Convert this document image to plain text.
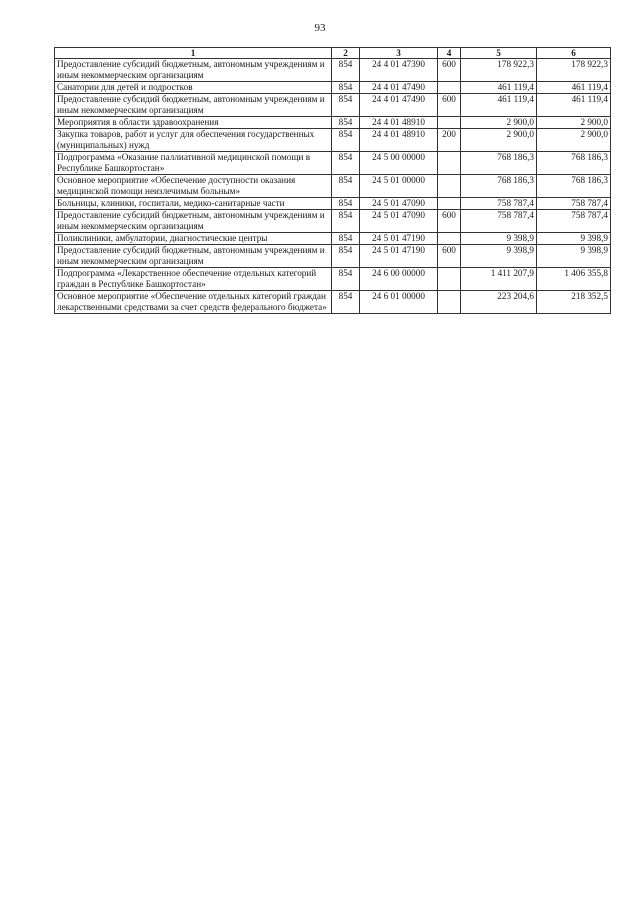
93
1	2	3	4	5	6
Предоставление субсидий бюджетным, автономным учреждениям и иным некоммерческим организациям	854	24 4 01 47390	600	178 922,3	178 922,3
Санатории для детей и подростков	854	24 4 01 47490		461 119,4	461 119,4
Предоставление субсидий бюджетным, автономным учреждениям и иным некоммерческим организациям	854	24 4 01 47490	600	461 119,4	461 119,4
Мероприятия в области здравоохранения	854	24 4 01 48910		2 900,0	2 900,0
Закупка товаров, работ и услуг для обеспечения государственных (муниципальных) нужд	854	24 4 01 48910	200	2 900,0	2 900,0
Подпрограмма «Оказание паллиативной медицинской помощи в Республике Башкортостан»	854	24 5 00 00000		768 186,3	768 186,3
Основное мероприятие «Обеспечение доступности оказания медицинской помощи неизлечимым больным»	854	24 5 01 00000		768 186,3	768 186,3
Больницы, клиники, госпитали, медико-санитарные части	854	24 5 01 47090		758 787,4	758 787,4
Предоставление субсидий бюджетным, автономным учреждениям и иным некоммерческим организациям	854	24 5 01 47090	600	758 787,4	758 787,4
Поликлиники, амбулатории, диагностические центры	854	24 5 01 47190		9 398,9	9 398,9
Предоставление субсидий бюджетным, автономным учреждениям и иным некоммерческим организациям	854	24 5 01 47190	600	9 398,9	9 398,9
Подпрограмма «Лекарственное обеспечение отдельных категорий граждан в Республике Башкортостан»	854	24 6 00 00000		1 411 207,9	1 406 355,8
Основное мероприятие «Обеспечение отдельных категорий граждан лекарственными средствами за счет средств федерального бюджета»	854	24 6 01 00000		223 204,6	218 352,5
